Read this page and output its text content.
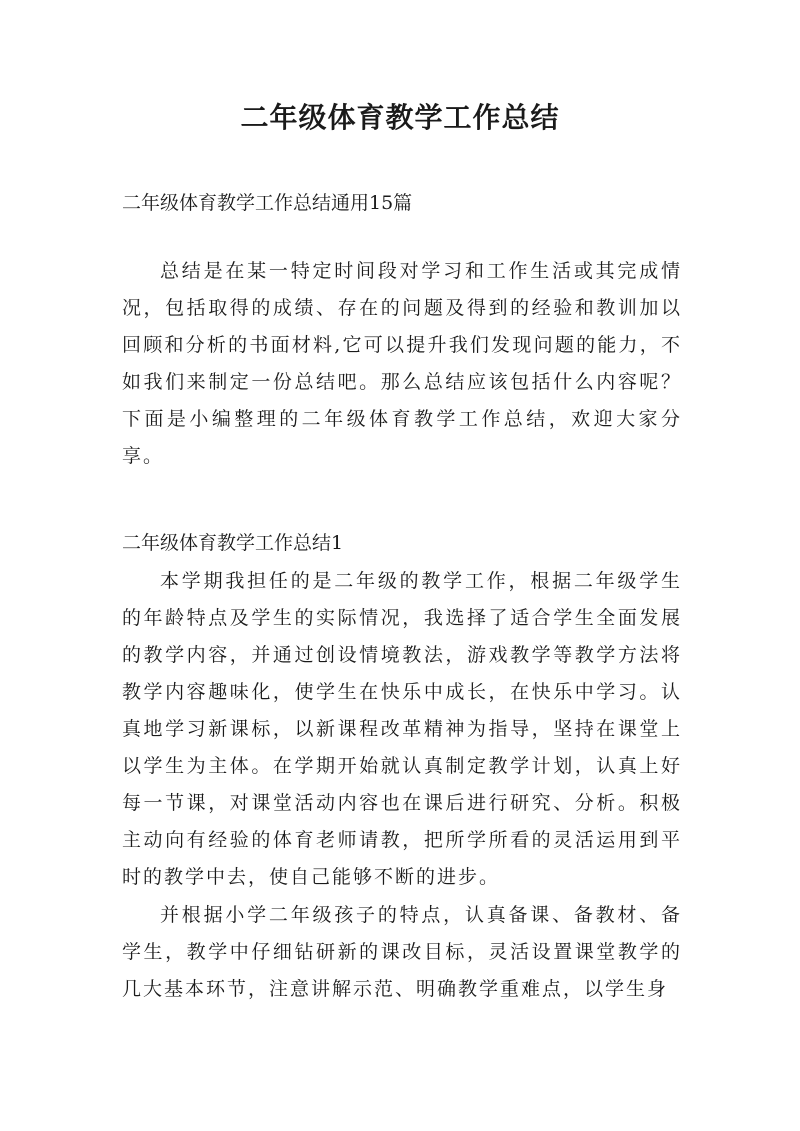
二年级体育教学工作总结
二年级体育教学工作总结通用15篇

总结是在某一特定时间段对学习和工作生活或其完成情况，包括取得的成绩、存在的问题及得到的经验和教训加以回顾和分析的书面材料,它可以提升我们发现问题的能力，不如我们来制定一份总结吧。那么总结应该包括什么内容呢？下面是小编整理的二年级体育教学工作总结，欢迎大家分享。

二年级体育教学工作总结1

本学期我担任的是二年级的教学工作，根据二年级学生的年龄特点及学生的实际情况，我选择了适合学生全面发展的教学内容，并通过创设情境教法，游戏教学等教学方法将教学内容趣味化，使学生在快乐中成长，在快乐中学习。认真地学习新课标，以新课程改革精神为指导，坚持在课堂上以学生为主体。在学期开始就认真制定教学计划，认真上好每一节课，对课堂活动内容也在课后进行研究、分析。积极主动向有经验的体育老师请教，把所学所看的灵活运用到平时的教学中去，使自己能够不断的进步。

并根据小学二年级孩子的特点，认真备课、备教材、备学生，教学中仔细钻研新的课改目标，灵活设置课堂教学的几大基本环节，注意讲解示范、明确教学重难点，以学生身
